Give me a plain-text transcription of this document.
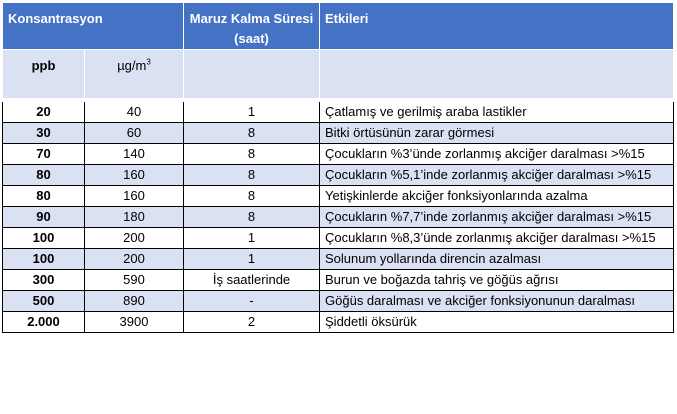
Konsantrasyon		Maruz Kalma Süresi (saat)	Etkileri
ppb	$\mu g/m^3$		

20	40	1	Çatlamış ve gerilmiş araba lastikler
30	60	8	Bitki örtüsünün zarar görmesi
70	140	8	Çocukların %3’ünde zorlanmış akciğer daralması >%15
80	160	8	Çocukların %5,1’inde zorlanmış akciğer daralması >%15
80	160	8	Yetişkinlerde akciğer fonksiyonlarında azalma
90	180	8	Çocukların %7,7’inde zorlanmış akciğer daralması >%15
100	200	1	Çocukların %8,3’ünde zorlanmış akciğer daralması >%15
100	200	1	Solunum yollarında direncin azalması
300	590	İş saatlerinde	Burun ve boğazda tahriş ve göğüs ağrısı
500	890	-	Göğüs daralması ve akciğer fonksiyonunun daralması
2.000	3900	2	Şiddetli öksürük
